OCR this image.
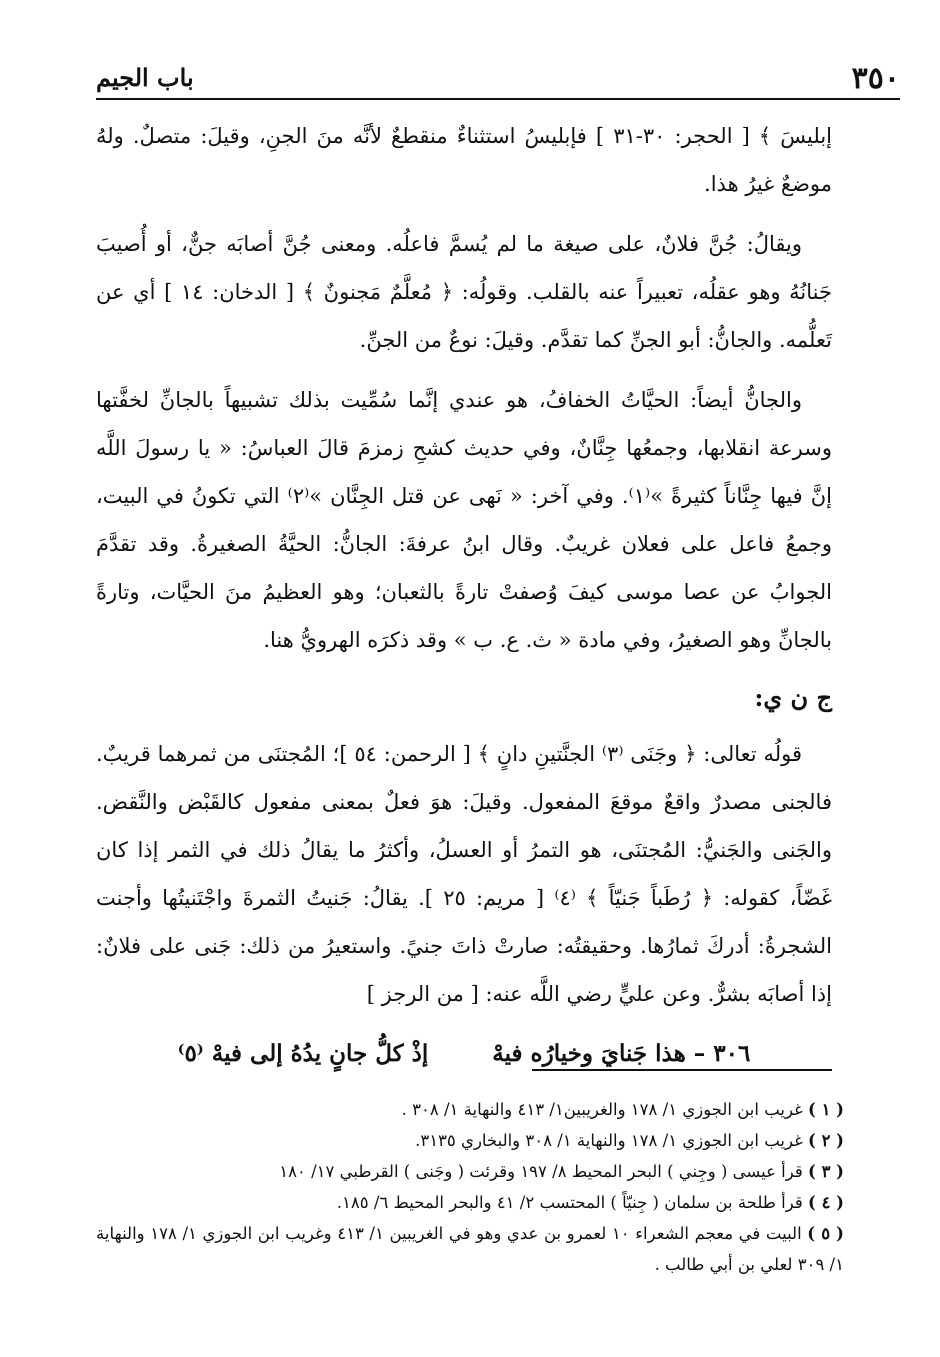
٣٥٠
باب الجيم

إبليسَ ﴾ [ الحجر: ٣٠-٣١ ] فإبليسُ استثناءٌ منقطعٌ لأنَّه منَ الجنِ، وقيلَ: متصلٌ. ولهُ موضعٌ غيرُ هذا.

ويقالُ: جُنَّ فلانٌ، على صيغة ما لم يُسمَّ فاعلُه. ومعنى جُنَّ أصابَه جنٌّ، أو أُصيبَ جَنانُهُ وهو عقلُه، تعبيراً عنه بالقلب. وقولُه: ﴿ مُعلَّمٌ مَجنونٌ ﴾ [ الدخان: ١٤ ] أي عن تَعلُّمه. والجانُّ: أبو الجنِّ كما تقدَّم. وقيلَ: نوعٌ من الجنِّ.

والجانُّ أيضاً: الحيَّاتُ الخفافُ، هو عندي إنَّما سُمِّيت بذلك تشبيهاً بالجانِّ لخفَّتها وسرعة انقلابها، وجمعُها جِنَّانٌ، وفي حديث كشحِ زمزمَ قالَ العباسُ: « يا رسولَ اللَّه إنَّ فيها جِنَّاناً كثيرةً »⁽١⁾. وفي آخر: « نَهى عن قتل الجِنَّان »⁽٢⁾ التي تكونُ في البيت، وجمعُ فاعل على فعلان غريبٌ. وقال ابنُ عرفةَ: الجانُّ: الحيَّةُ الصغيرةُ. وقد تقدَّمَ الجوابُ عن عصا موسى كيفَ وُصفتْ تارةً بالثعبان؛ وهو العظيمُ منَ الحيَّات، وتارةً بالجانِّ وهو الصغيرُ، وفي مادة « ث. ع. ب » وقد ذكرَه الهرويُّ هنا.

ج ن ي:

قولُه تعالى: ﴿ وجَنَى ⁽٣⁾ الجنَّتينِ دانٍ ﴾ [ الرحمن: ٥٤ ]؛ المُجتنَى من ثمرهما قريبٌ. فالجنى مصدرٌ واقعٌ موقعَ المفعول. وقيلَ: هوَ فعلٌ بمعنى مفعول كالقَبْض والنَّقض. والجَنى والجَنيُّ: المُجتنَى، هو التمرُ أو العسلُ، وأكثرُ ما يقالُ ذلك في الثمر إذا كان غَضّاً، كقوله: ﴿ رُطَباً جَنيّاً ﴾ ⁽٤⁾ [ مريم: ٢٥ ]. يقالُ: جَنيتُ الثمرةَ واجْتَنيتُها وأجنت الشجرةُ: أدركَ ثمارُها. وحقيقتُه: صارتْ ذاتَ جنيً. واستعيرُ من ذلك: جَنى على فلانٌ: إذا أصابَه بشرٌّ. وعن عليٍّ رضي اللَّه عنه: [ من الرجز ]

٣٠٦ – هذا جَنايَ وخيارُه فيهْ
إذْ كلُّ جانٍ يدُهُ إلى فيهْ ⁽٥⁾

( ١ ) غريب ابن الجوزي ١/ ١٧٨ والغريبين١/ ٤١٣ والنهاية ١/ ٣٠٨ .

( ٢ ) غريب ابن الجوزي ١/ ١٧٨ والنهاية ١/ ٣٠٨ والبخاري ٣١٣٥.

( ٣ ) قرأ عيسى ( وجِني ) البحر المحيط ٨/ ١٩٧ وقرئت ( وجَنى ) القرطبي ١٧/ ١٨٠

( ٤ ) قرأ طلحة بن سلمان ( جِنيّاً ) المحتسب ٢/ ٤١ والبحر المحيط ٦/ ١٨٥.

( ٥ ) البيت في معجم الشعراء ١٠ لعمرو بن عدي وهو في الغريبين ١/ ٤١٣ وغريب ابن الجوزي ١/ ١٧٨ والنهاية ١/ ٣٠٩ لعلي بن أبي طالب .
